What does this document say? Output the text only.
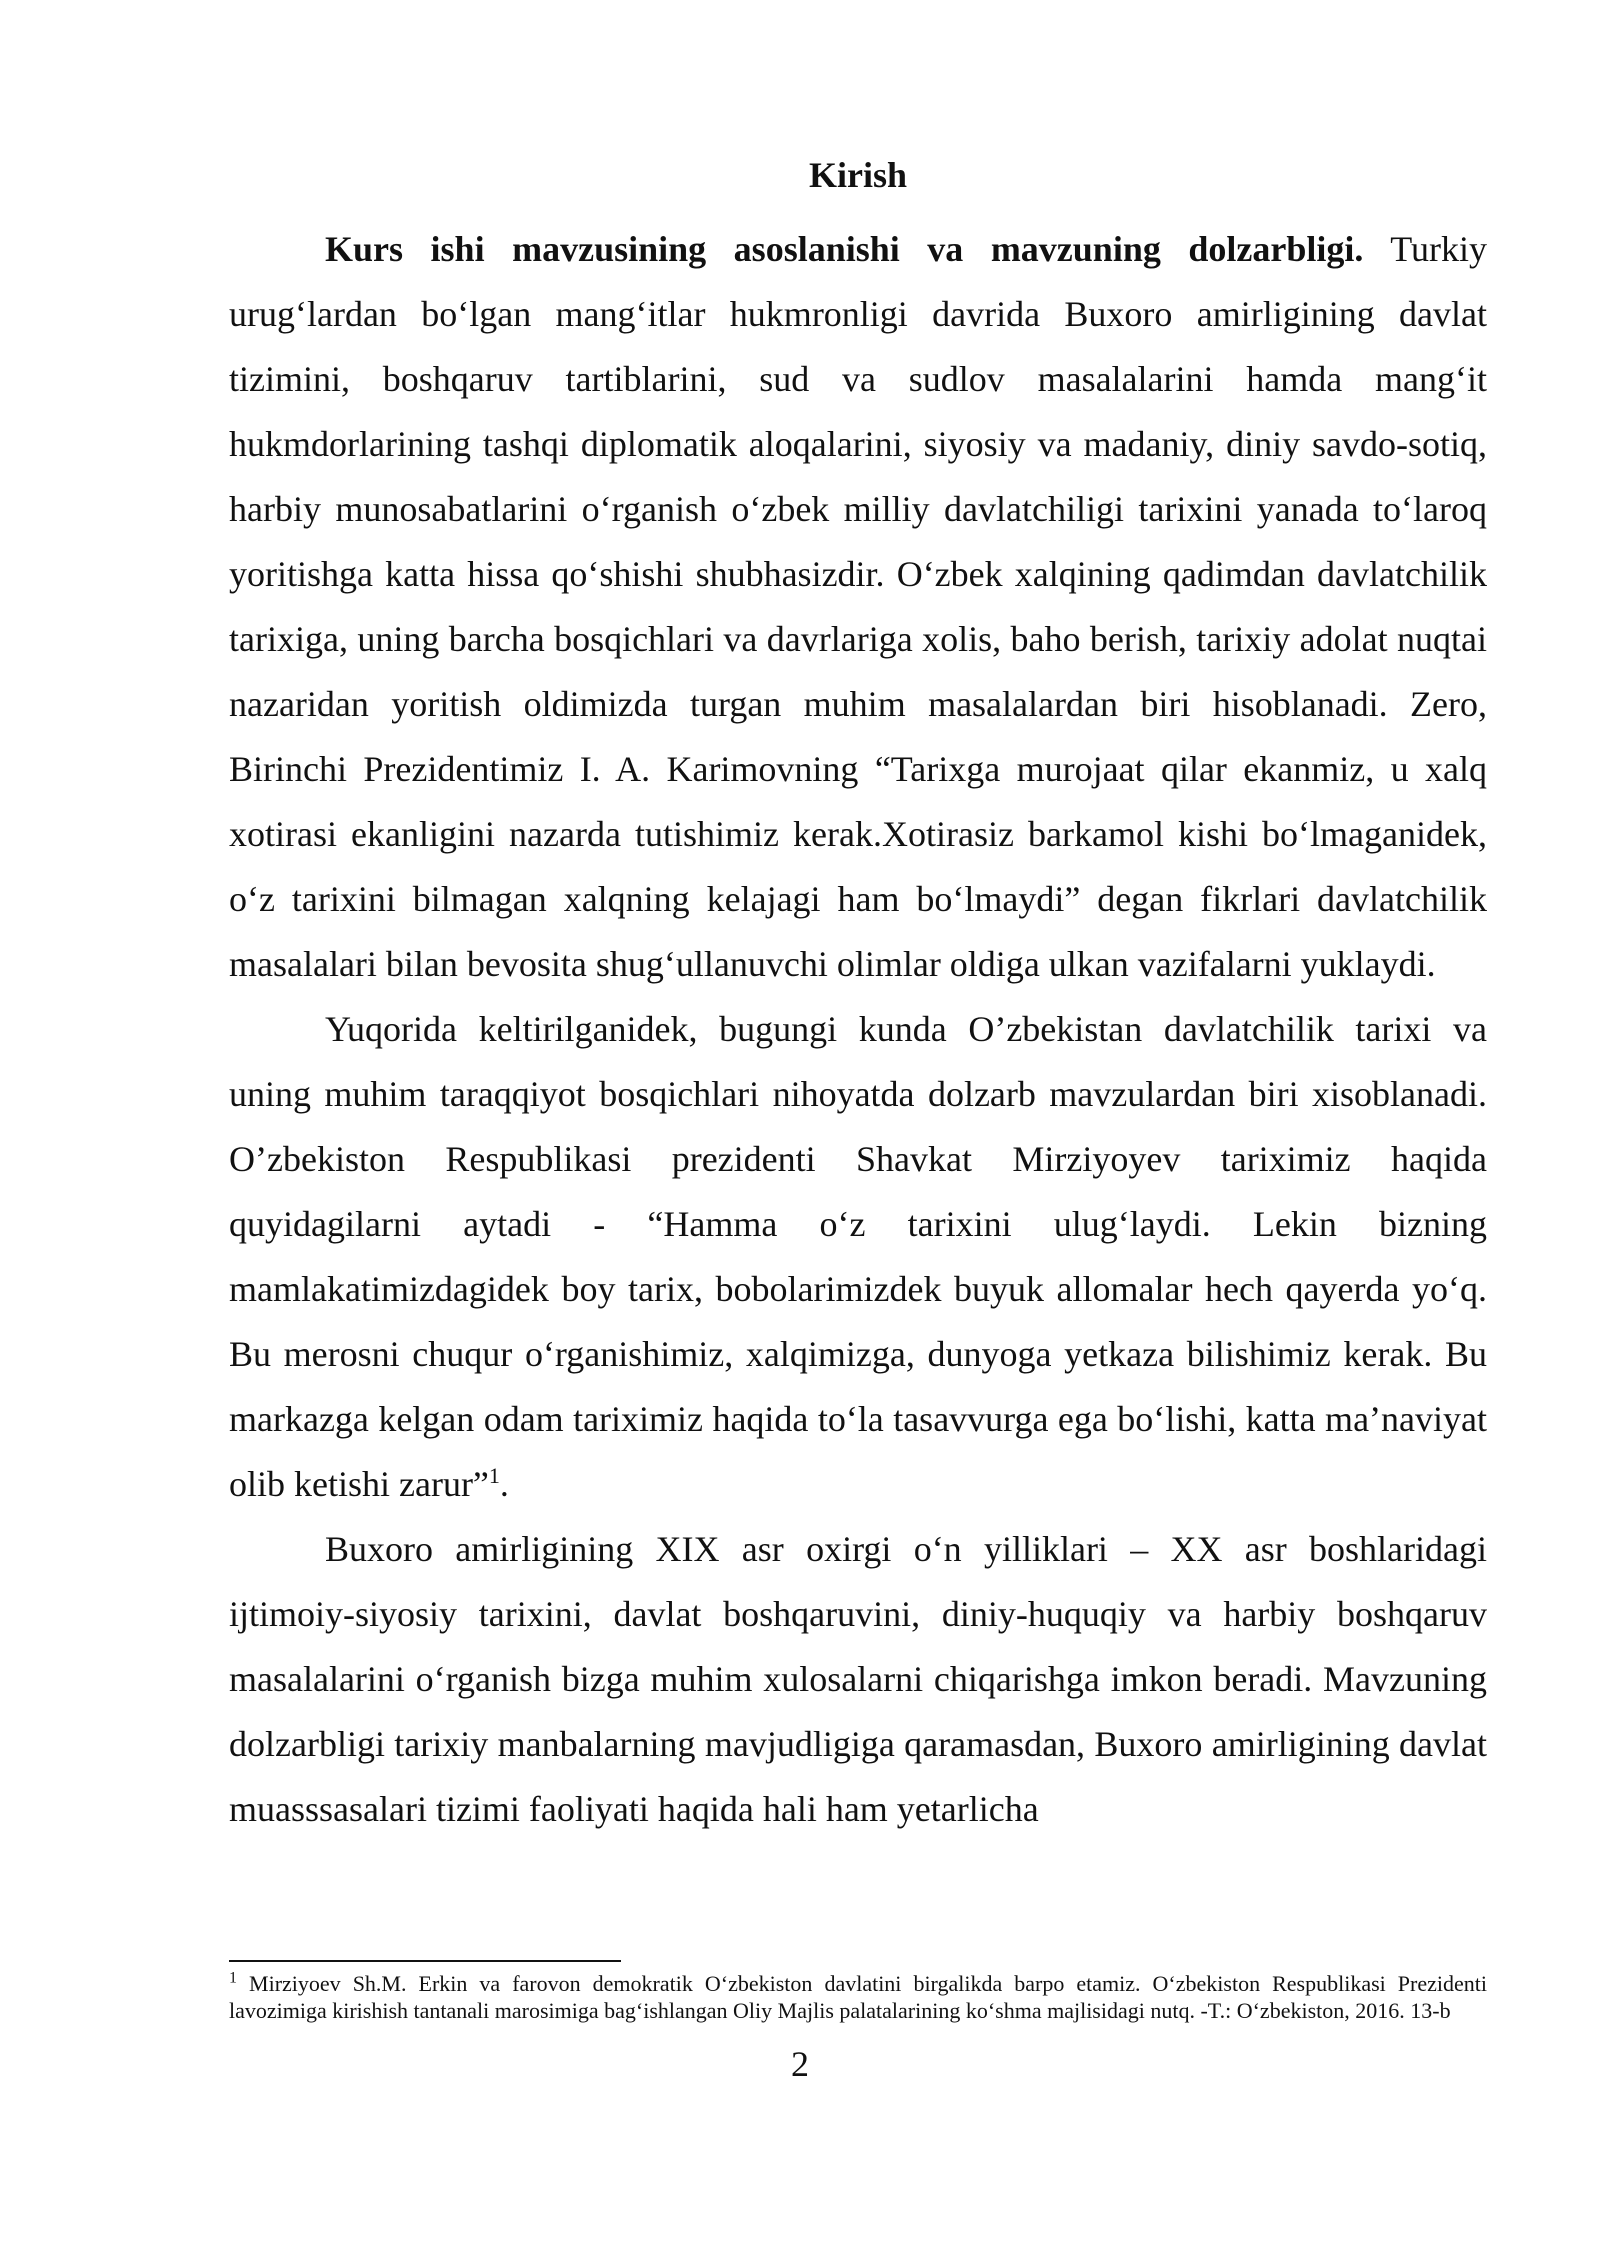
Kirish

Kurs ishi mavzusining asoslanishi va mavzuning dolzarbligi. Turkiy urug‘lardan bo‘lgan mang‘itlar hukmronligi davrida Buxoro amirligining davlat tizimini, boshqaruv tartiblarini, sud va sudlov masalalarini hamda mang‘it hukmdorlarining tashqi diplomatik aloqalarini, siyosiy va madaniy, diniy savdo-sotiq, harbiy munosabatlarini o‘rganish o‘zbek milliy davlatchiligi tarixini yanada to‘laroq yoritishga katta hissa qo‘shishi shubhasizdir. O‘zbek xalqining qadimdan davlatchilik tarixiga, uning barcha bosqichlari va davrlariga xolis, baho berish, tarixiy adolat nuqtai nazaridan yoritish oldimizda turgan muhim masalalardan biri hisoblanadi. Zero, Birinchi Prezidentimiz I. A. Karimovning “Tarixga murojaat qilar ekanmiz, u xalq xotirasi ekanligini nazarda tutishimiz kerak.Xotirasiz barkamol kishi bo‘lmaganidek, o‘z tarixini bilmagan xalqning kelajagi ham bo‘lmaydi” degan fikrlari davlatchilik masalalari bilan bevosita shug‘ullanuvchi olimlar oldiga ulkan vazifalarni yuklaydi.

Yuqorida keltirilganidek, bugungi kunda O’zbekistan davlatchilik tarixi va uning muhim taraqqiyot bosqichlari nihoyatda dolzarb mavzulardan biri xisoblanadi. O’zbekiston Respublikasi prezidenti Shavkat Mirziyoyev tariximiz haqida quyidagilarni aytadi - “Hamma o‘z tarixini ulug‘laydi. Lekin bizning mamlakatimizdagidek boy tarix, bobolarimizdek buyuk allomalar hech qayerda yo‘q. Bu merosni chuqur o‘rganishimiz, xalqimizga, dunyoga yetkaza bilishimiz kerak. Bu markazga kelgan odam tariximiz haqida to‘la tasavvurga ega bo‘lishi, katta ma’naviyat olib ketishi zarur”$^1$.

Buxoro amirligining XIX asr oxirgi o‘n yilliklari – XX asr boshlaridagi ijtimoiy-siyosiy tarixini, davlat boshqaruvini, diniy-huquqiy va harbiy boshqaruv masalalarini o‘rganish bizga muhim xulosalarni chiqarishga imkon beradi. Mavzuning dolzarbligi tarixiy manbalarning mavjudligiga qaramasdan, Buxoro amirligining davlat muasssasalari tizimi faoliyati haqida hali ham yetarlicha

$^1$ Mirziyoev Sh.M. Erkin va farovon demokratik O‘zbekiston davlatini birgalikda barpo etamiz. O‘zbekiston Respublikasi Prezidenti lavozimiga kirishish tantanali marosimiga bag‘ishlangan Oliy Majlis palatalarining ko‘shma majlisidagi nutq. -T.: O‘zbekiston, 2016. 13-b

2
